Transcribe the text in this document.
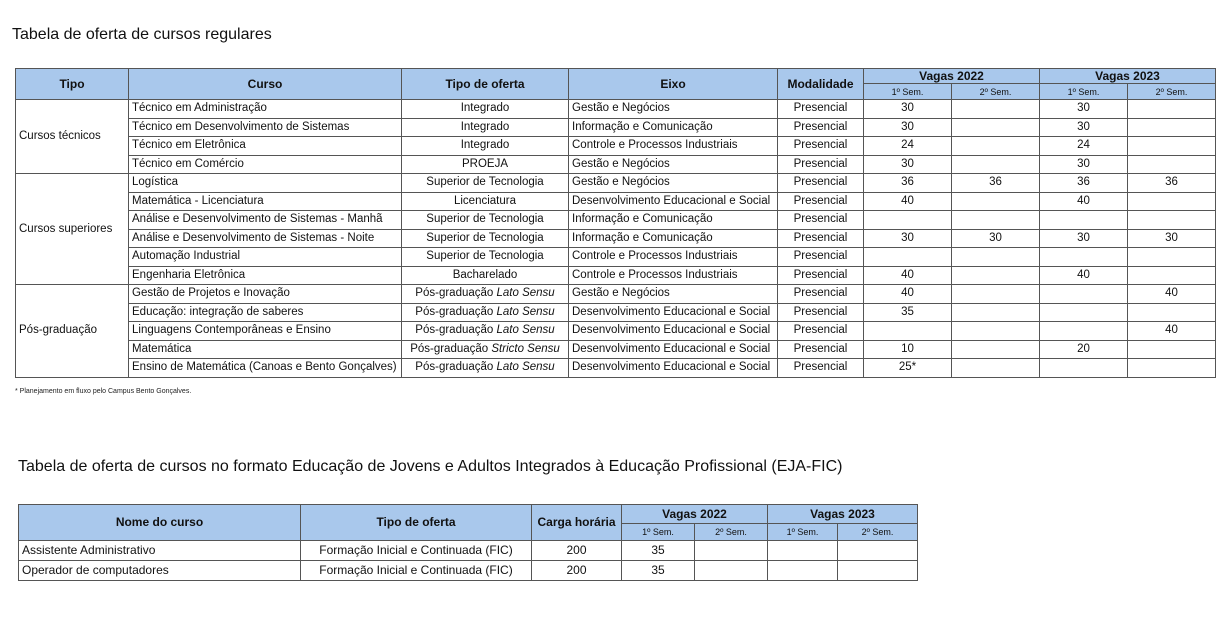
Tabela de oferta de cursos regulares
Tipo	Curso	Tipo de oferta	Eixo	Modalidade	Vagas 2022		Vagas 2023	
					1º Sem.	2º Sem.	1º Sem.	2º Sem.
Cursos técnicos	Técnico em Administração	Integrado	Gestão e Negócios	Presencial	30		30	
	Técnico em Desenvolvimento de Sistemas	Integrado	Informação e Comunicação	Presencial	30		30	
	Técnico em Eletrônica	Integrado	Controle e Processos Industriais	Presencial	24		24	
	Técnico em Comércio	PROEJA	Gestão e Negócios	Presencial	30		30	
Cursos superiores	Logística	Superior de Tecnologia	Gestão e Negócios	Presencial	36	36	36	36
	Matemática - Licenciatura	Licenciatura	Desenvolvimento Educacional e Social	Presencial	40		40	
	Análise e Desenvolvimento de Sistemas - Manhã	Superior de Tecnologia	Informação e Comunicação	Presencial				
	Análise e Desenvolvimento de Sistemas - Noite	Superior de Tecnologia	Informação e Comunicação	Presencial	30	30	30	30
	Automação Industrial	Superior de Tecnologia	Controle e Processos Industriais	Presencial				
	Engenharia Eletrônica	Bacharelado	Controle e Processos Industriais	Presencial	40		40	
Pós-graduação	Gestão de Projetos e Inovação	Pós-graduação Lato Sensu	Gestão e Negócios	Presencial	40			40
	Educação: integração de saberes	Pós-graduação Lato Sensu	Desenvolvimento Educacional e Social	Presencial	35			
	Linguagens Contemporâneas e Ensino	Pós-graduação Lato Sensu	Desenvolvimento Educacional e Social	Presencial				40
	Matemática	Pós-graduação Stricto Sensu	Desenvolvimento Educacional e Social	Presencial	10		20	
	Ensino de Matemática (Canoas e Bento Gonçalves)	Pós-graduação Lato Sensu	Desenvolvimento Educacional e Social	Presencial	25*			
* Planejamento em fluxo pelo Campus Bento Gonçalves.
Tabela de oferta de cursos no formato Educação de Jovens e Adultos Integrados à Educação Profissional (EJA-FIC)
Nome do curso	Tipo de oferta	Carga horária	Vagas 2022		Vagas 2023	
			1º Sem.	2º Sem.	1º Sem.	2º Sem.
Assistente Administrativo	Formação Inicial e Continuada (FIC)	200	35			
Operador de computadores	Formação Inicial e Continuada (FIC)	200	35			
